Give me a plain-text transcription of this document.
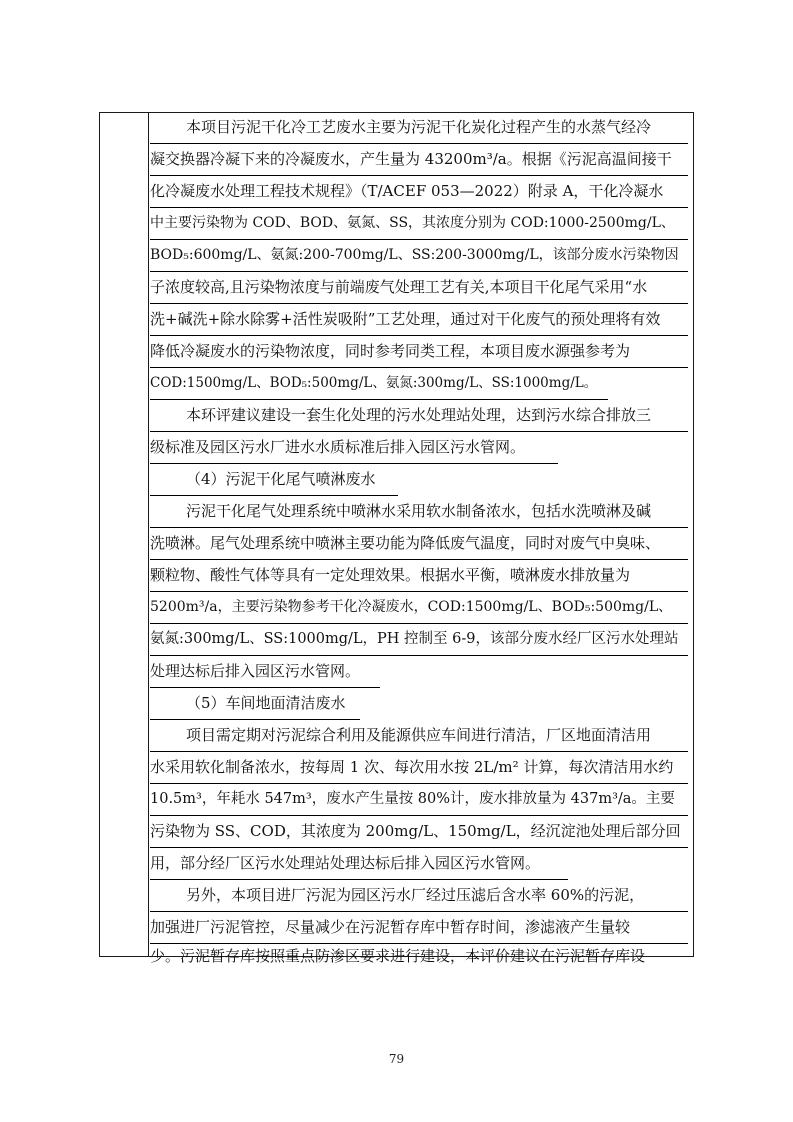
本项目污泥干化冷工艺废水主要为污泥干化炭化过程产生的水蒸气经冷
凝交换器冷凝下来的冷凝废水，产生量为 43200m³/a。根据《污泥高温间接干
化冷凝废水处理工程技术规程》（T/ACEF 053—2022）附录 A，干化冷凝水
中主要污染物为 COD、BOD、氨氮、SS，其浓度分别为 COD:1000-2500mg/L、
BOD₅:600mg/L、氨氮:200-700mg/L、SS:200-3000mg/L，该部分废水污染物因
子浓度较高,且污染物浓度与前端废气处理工艺有关,本项目干化尾气采用“水
洗+碱洗+除水除雾+活性炭吸附”工艺处理，通过对干化废气的预处理将有效
降低冷凝废水的污染物浓度，同时参考同类工程，本项目废水源强参考为
COD:1500mg/L、BOD₅:500mg/L、氨氮:300mg/L、SS:1000mg/L。
本环评建议建设一套生化处理的污水处理站处理，达到污水综合排放三
级标准及园区污水厂进水水质标准后排入园区污水管网。
（4）污泥干化尾气喷淋废水
污泥干化尾气处理系统中喷淋水采用软水制备浓水，包括水洗喷淋及碱
洗喷淋。尾气处理系统中喷淋主要功能为降低废气温度，同时对废气中臭味、
颗粒物、酸性气体等具有一定处理效果。根据水平衡，喷淋废水排放量为
5200m³/a，主要污染物参考干化冷凝废水，COD:1500mg/L、BOD₅:500mg/L、
氨氮:300mg/L、SS:1000mg/L，PH 控制至 6-9，该部分废水经厂区污水处理站
处理达标后排入园区污水管网。
（5）车间地面清洁废水
项目需定期对污泥综合利用及能源供应车间进行清洁，厂区地面清洁用
水采用软化制备浓水，按每周 1 次、每次用水按 2L/m² 计算，每次清洁用水约
10.5m³，年耗水 547m³，废水产生量按 80%计，废水排放量为 437m³/a。主要
污染物为 SS、COD，其浓度为 200mg/L、150mg/L，经沉淀池处理后部分回
用，部分经厂区污水处理站处理达标后排入园区污水管网。
另外，本项目进厂污泥为园区污水厂经过压滤后含水率 60%的污泥，
加强进厂污泥管控，尽量减少在污泥暂存库中暂存时间，渗滤液产生量较
少。污泥暂存库按照重点防渗区要求进行建设，本评价建议在污泥暂存库设
79
